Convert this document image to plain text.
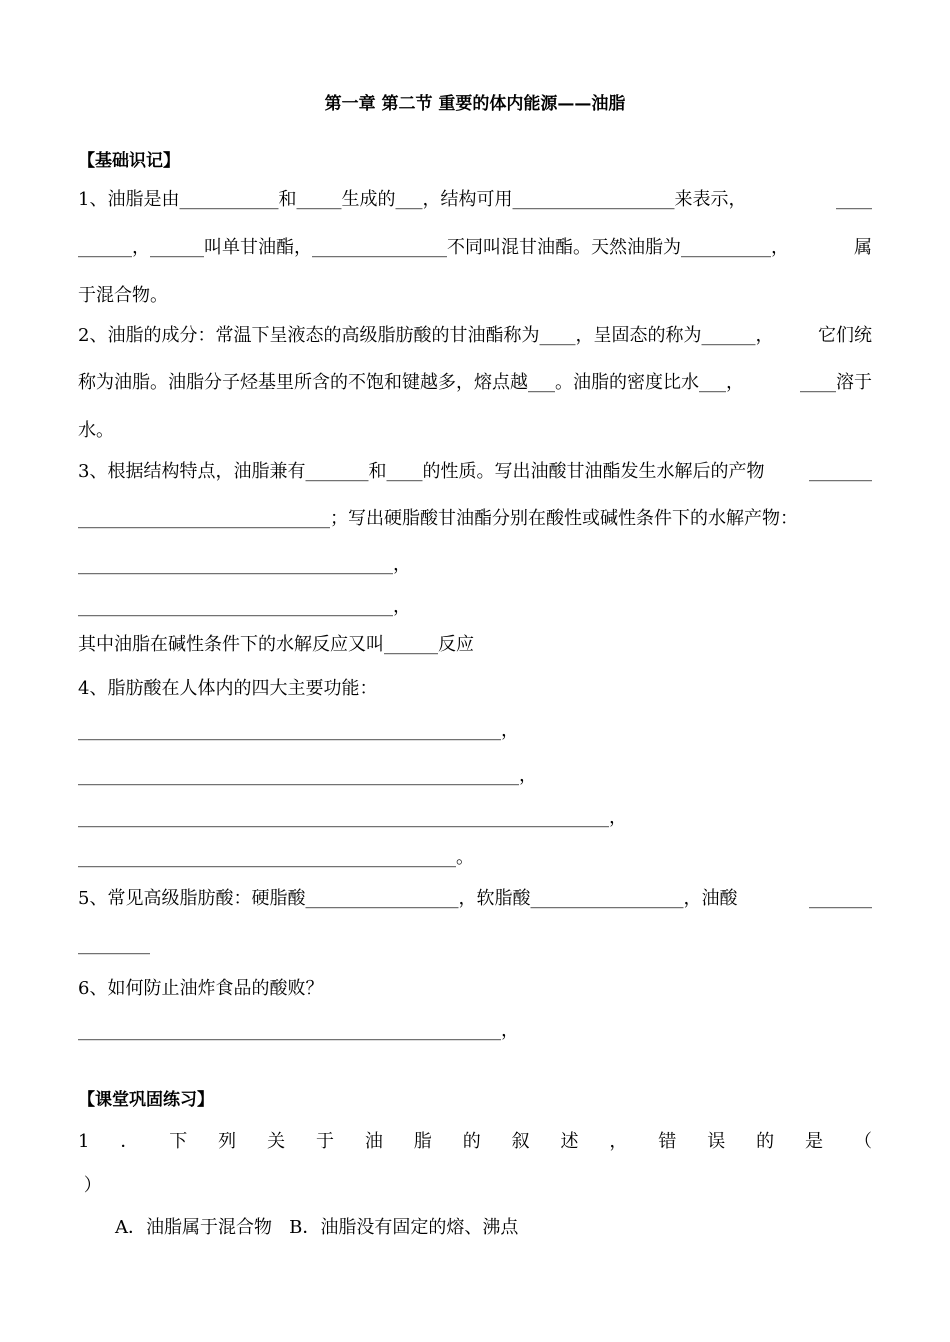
第一章 第二节 重要的体内能源——油脂
【基础识记】
1、油脂是由___________和_____生成的___，结构可用__________________来表示，	____
______，______叫单甘油酯，_______________不同叫混甘油酯。天然油脂为__________，	属
于混合物。
2、油脂的成分：常温下呈液态的高级脂肪酸的甘油酯称为____，呈固态的称为______， 它们统
称为油脂。油脂分子烃基里所含的不饱和键越多，熔点越___。油脂的密度比水___，	____溶于
水。
3、根据结构特点，油脂兼有_______和____的性质。写出油酸甘油酯发生水解后的产物 _______
____________________________；写出硬脂酸甘油酯分别在酸性或碱性条件下的水解产物：
___________________________________，
___________________________________，
其中油脂在碱性条件下的水解反应又叫______反应
4、脂肪酸在人体内的四大主要功能：
_______________________________________________，
_________________________________________________，
___________________________________________________________，
__________________________________________。
5、常见高级脂肪酸：硬脂酸_________________，软脂酸_________________，油酸	_______
________
6、如何防止油炸食品的酸败？
_______________________________________________，
【课堂巩固练习】
1 ． 下 列 关 于 油 脂 的 叙 述 ， 错 误 的 是 （
）
A．油脂属于混合物   B．油脂没有固定的熔、沸点
